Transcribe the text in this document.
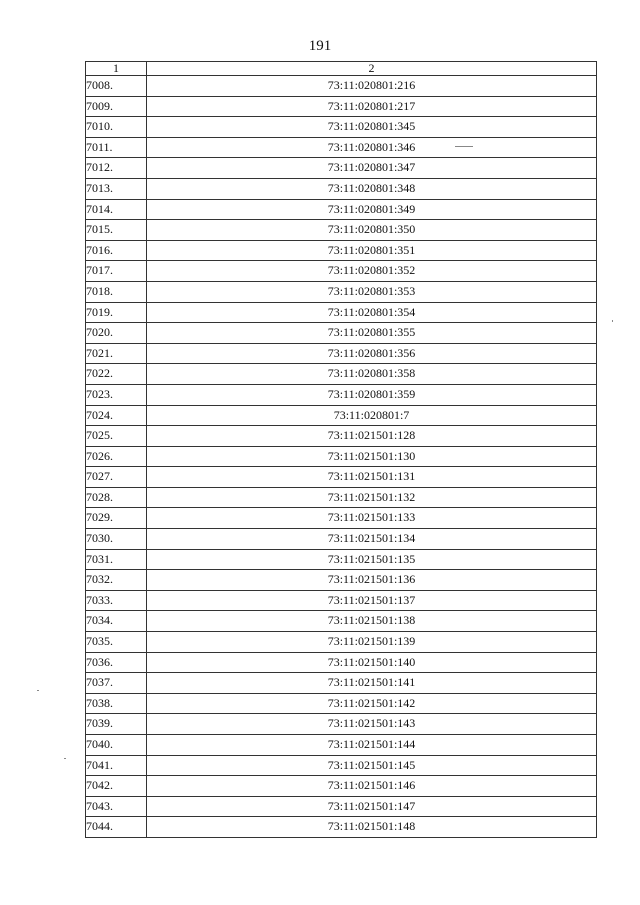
191
1	2
7008.	73:11:020801:216
7009.	73:11:020801:217
7010.	73:11:020801:345
7011.	73:11:020801:346
7012.	73:11:020801:347
7013.	73:11:020801:348
7014.	73:11:020801:349
7015.	73:11:020801:350
7016.	73:11:020801:351
7017.	73:11:020801:352
7018.	73:11:020801:353
7019.	73:11:020801:354
7020.	73:11:020801:355
7021.	73:11:020801:356
7022.	73:11:020801:358
7023.	73:11:020801:359
7024.	73:11:020801:7
7025.	73:11:021501:128
7026.	73:11:021501:130
7027.	73:11:021501:131
7028.	73:11:021501:132
7029.	73:11:021501:133
7030.	73:11:021501:134
7031.	73:11:021501:135
7032.	73:11:021501:136
7033.	73:11:021501:137
7034.	73:11:021501:138
7035.	73:11:021501:139
7036.	73:11:021501:140
7037.	73:11:021501:141
7038.	73:11:021501:142
7039.	73:11:021501:143
7040.	73:11:021501:144
7041.	73:11:021501:145
7042.	73:11:021501:146
7043.	73:11:021501:147
7044.	73:11:021501:148
